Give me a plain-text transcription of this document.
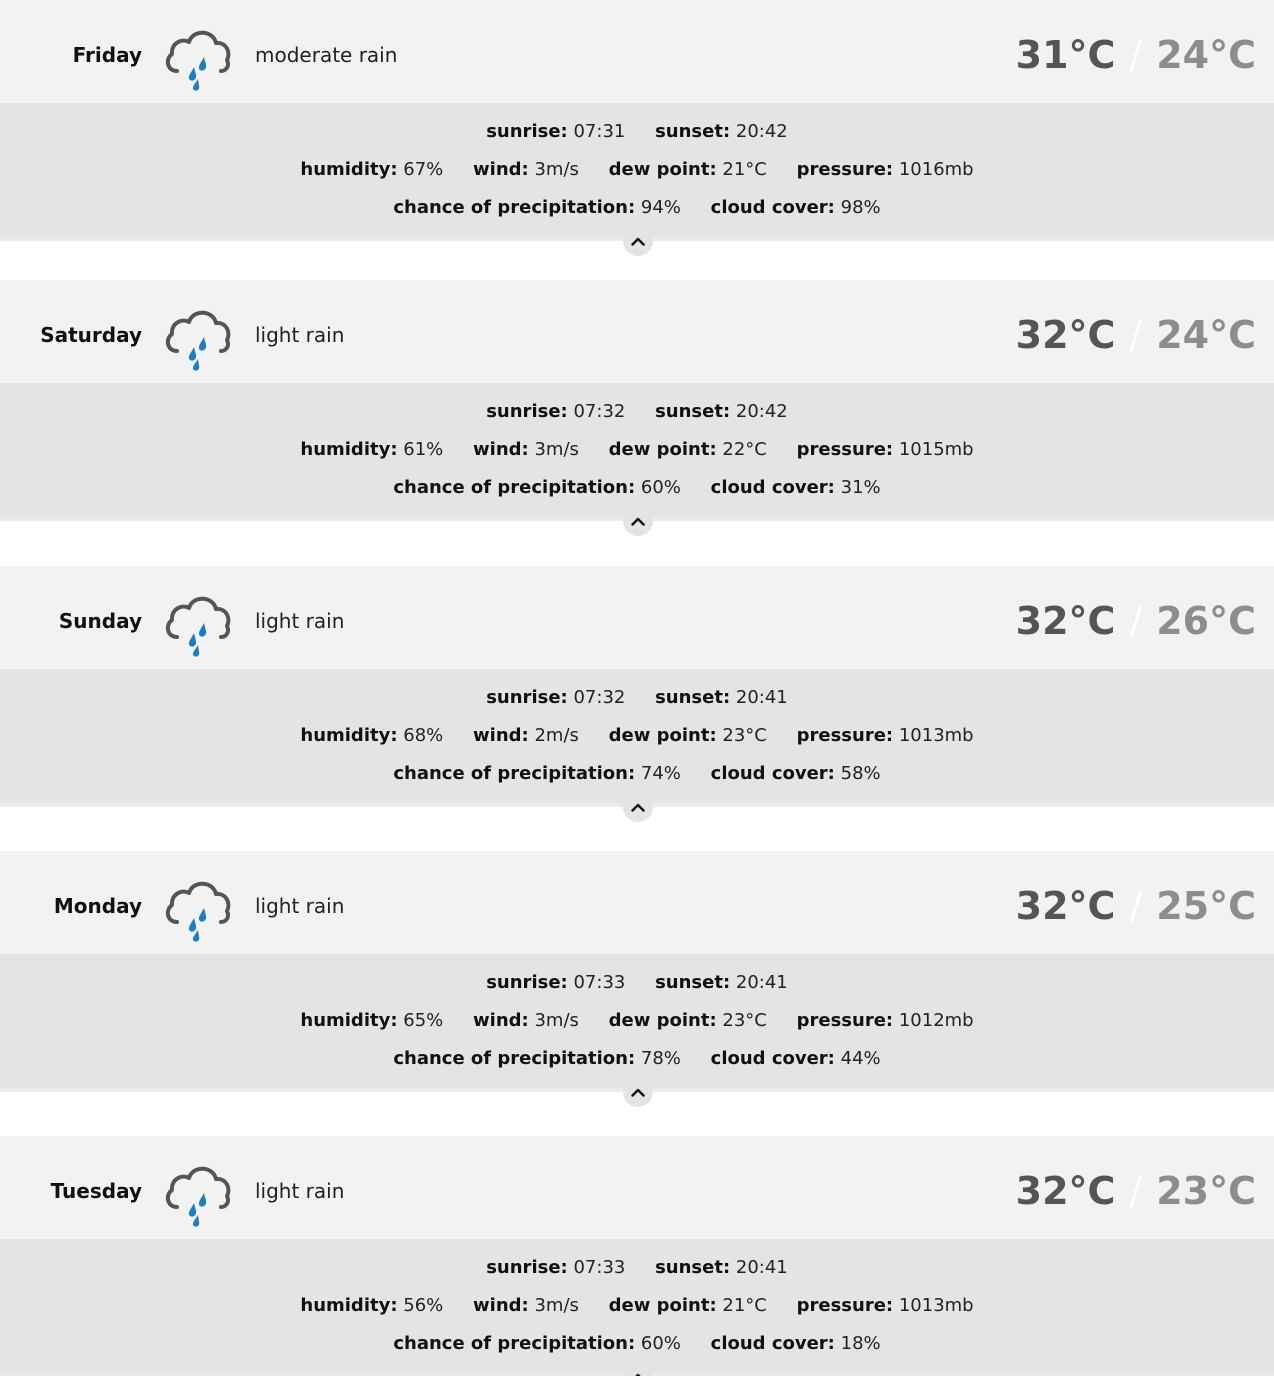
Friday	moderate rain	31°C / 24°C
sunrise: 07:31 sunset: 20:42
humidity: 67% wind: 3m/s dew point: 21°C pressure: 1016mb
chance of precipitation: 94% cloud cover: 98%
Saturday	light rain	32°C / 24°C
sunrise: 07:32 sunset: 20:42
humidity: 61% wind: 3m/s dew point: 22°C pressure: 1015mb
chance of precipitation: 60% cloud cover: 31%
Sunday	light rain	32°C / 26°C
sunrise: 07:32 sunset: 20:41
humidity: 68% wind: 2m/s dew point: 23°C pressure: 1013mb
chance of precipitation: 74% cloud cover: 58%
Monday	light rain	32°C / 25°C
sunrise: 07:33 sunset: 20:41
humidity: 65% wind: 3m/s dew point: 23°C pressure: 1012mb
chance of precipitation: 78% cloud cover: 44%
Tuesday	light rain	32°C / 23°C
sunrise: 07:33 sunset: 20:41
humidity: 56% wind: 3m/s dew point: 21°C pressure: 1013mb
chance of precipitation: 60% cloud cover: 18%
